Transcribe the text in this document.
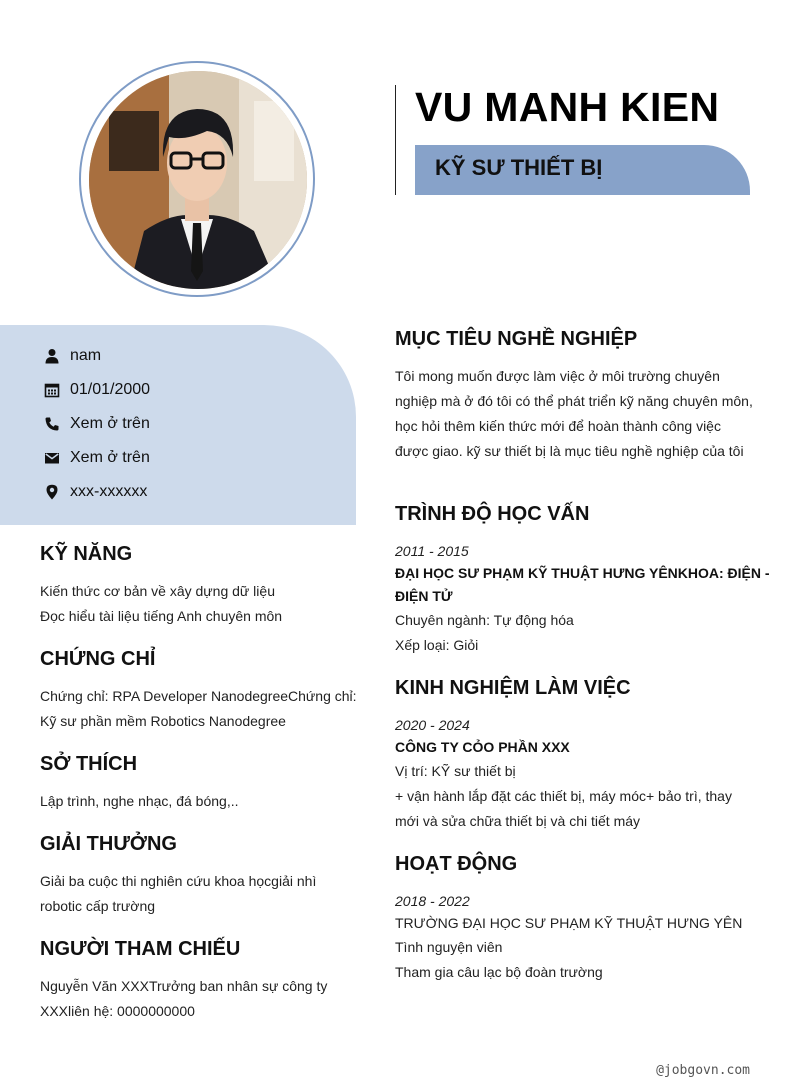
VU MANH KIEN
KỸ SƯ THIẾT BỊ
nam
01/01/2000
Xem ở trên
Xem ở trên
xxx-xxxxxx
KỸ NĂNG
Kiến thức cơ bản về xây dựng dữ liệu
Đọc hiểu tài liệu tiếng Anh chuyên môn
CHỨNG CHỈ
Chứng chỉ: RPA Developer NanodegreeChứng chỉ:
Kỹ sư phần mềm Robotics Nanodegree
SỞ THÍCH
Lập trình, nghe nhạc, đá bóng,..
GIẢI THƯỞNG
Giải ba cuộc thi nghiên cứu khoa họcgiải nhì
robotic cấp trường
NGƯỜI THAM CHIẾU
Nguyễn Văn XXXTrưởng ban nhân sự công ty
XXXliên hệ: 0000000000
MỤC TIÊU NGHỀ NGHIỆP
Tôi mong muốn được làm việc ở môi trường chuyên
nghiệp mà ở đó tôi có thể phát triển kỹ năng chuyên môn,
học hỏi thêm kiến thức mới để hoàn thành công việc
được giao. kỹ sư thiết bị là mục tiêu nghề nghiệp của tôi
TRÌNH ĐỘ HỌC VẤN
2011 - 2015
ĐẠI HỌC SƯ PHẠM KỸ THUẬT HƯNG YÊNKHOA: ĐIỆN -
ĐIỆN TỬ
Chuyên ngành: Tự động hóa
Xếp loại: Giỏi
KINH NGHIỆM LÀM VIỆC
2020 - 2024
CÔNG TY CỎO PHẦN XXX
Vị trí: KỸ sư thiết bị
+ vận hành lắp đặt các thiết bị, máy móc+ bảo trì, thay
mới và sửa chữa thiết bị và chi tiết máy
HOẠT ĐỘNG
2018 - 2022
TRƯỜNG ĐẠI HỌC SƯ PHẠM KỸ THUẬT HƯNG YÊN
Tình nguyện viên
Tham gia câu lạc bộ đoàn trường
@jobgovn.com
